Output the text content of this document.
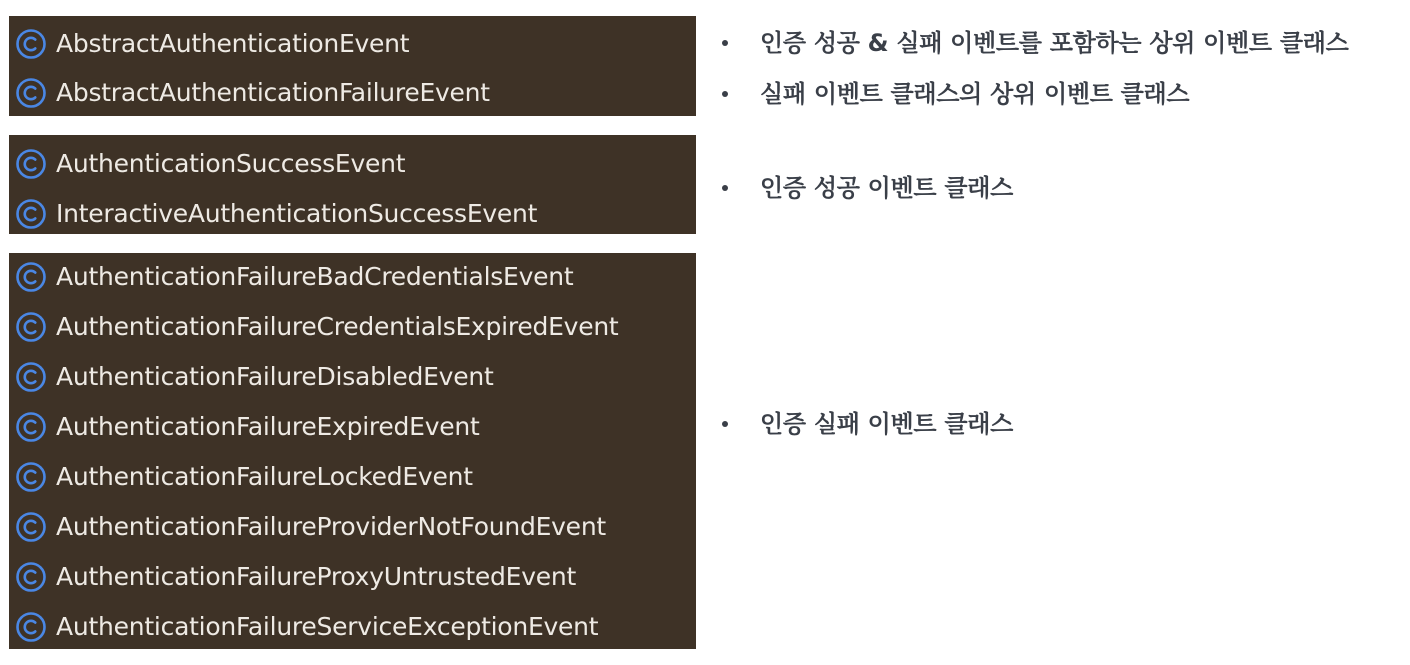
AbstractAuthenticationEvent
AbstractAuthenticationFailureEvent
AuthenticationSuccessEvent
InteractiveAuthenticationSuccessEvent
AuthenticationFailureBadCredentialsEvent
AuthenticationFailureCredentialsExpiredEvent
AuthenticationFailureDisabledEvent
AuthenticationFailureExpiredEvent
AuthenticationFailureLockedEvent
AuthenticationFailureProviderNotFoundEvent
AuthenticationFailureProxyUntrustedEvent
AuthenticationFailureServiceExceptionEvent
인증 성공 & 실패 이벤트를 포함하는 상위 이벤트 클래스
실패 이벤트 클래스의 상위 이벤트 클래스
인증 성공 이벤트 클래스
인증 실패 이벤트 클래스
